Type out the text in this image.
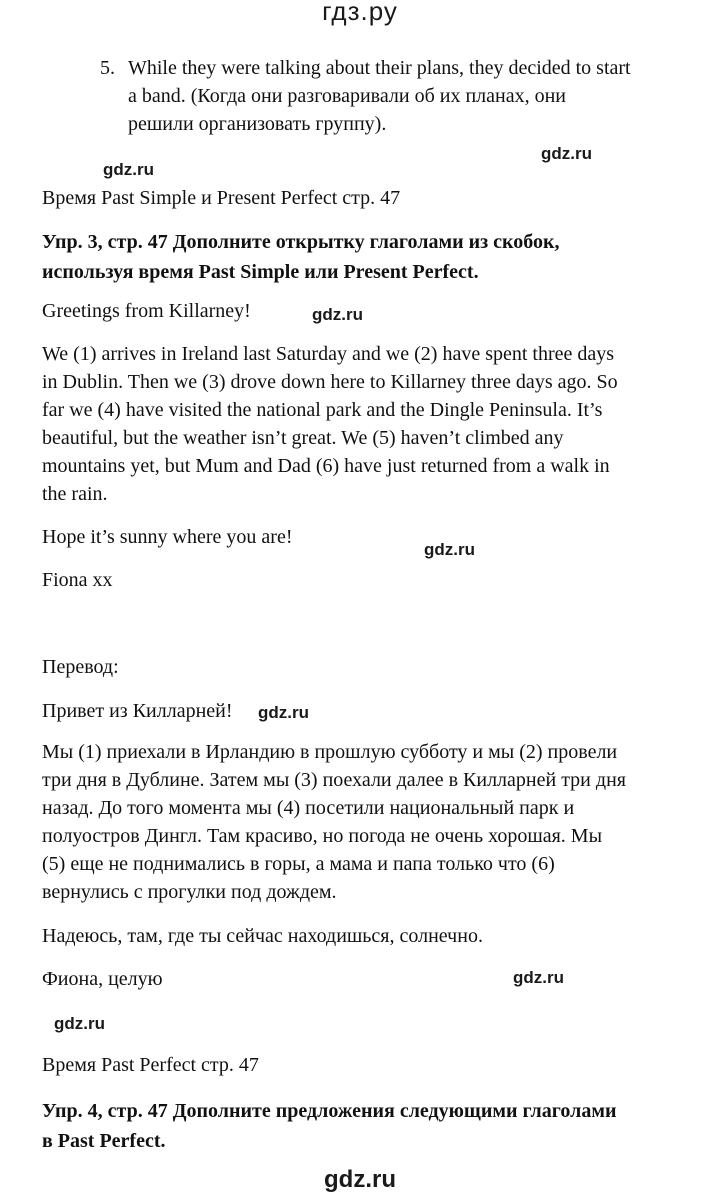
гдз.ру
5. While they were talking about their plans, they decided to start
a band. (Когда они разговаривали об их планах, они
решили организовать группу).
gdz.ru
gdz.ru
Время Past Simple и Present Perfect стр. 47
Упр. 3, стр. 47 Дополните открытку глаголами из скобок,
используя время Past Simple или Present Perfect.
Greetings from Killarney!	gdz.ru
We (1) arrives in Ireland last Saturday and we (2) have spent three days
in Dublin. Then we (3) drove down here to Killarney three days ago. So
far we (4) have visited the national park and the Dingle Peninsula. It’s
beautiful, but the weather isn’t great. We (5) haven’t climbed any
mountains yet, but Mum and Dad (6) have just returned from a walk in
the rain.
Hope it’s sunny where you are!
gdz.ru
Fiona xx
Перевод:
Привет из Килларней!	gdz.ru
Мы (1) приехали в Ирландию в прошлую субботу и мы (2) провели
три дня в Дублине. Затем мы (3) поехали далее в Килларней три дня
назад. До того момента мы (4) посетили национальный парк и
полуостров Дингл. Там красиво, но погода не очень хорошая. Мы
(5) еще не поднимались в горы, а мама и папа только что (6)
вернулись с прогулки под дождем.
Надеюсь, там, где ты сейчас находишься, солнечно.
Фиона, целую	gdz.ru
gdz.ru
Время Past Perfect стр. 47
Упр. 4, стр. 47 Дополните предложения следующими глаголами
в Past Perfect.
gdz.ru
